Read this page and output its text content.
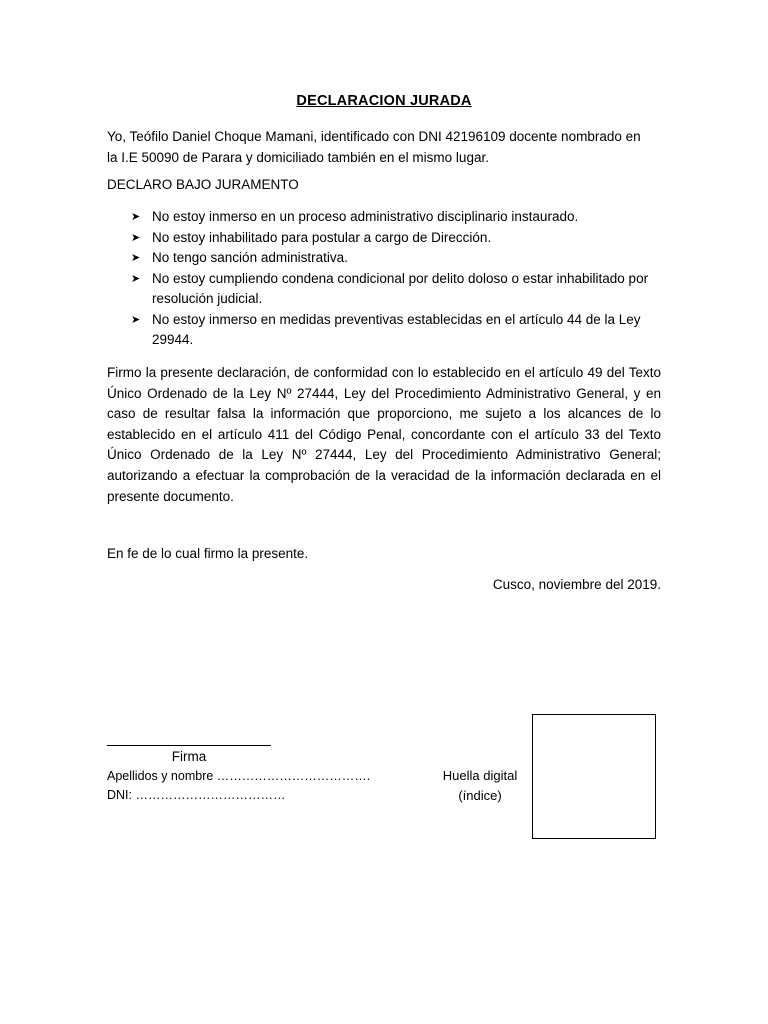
DECLARACION JURADA
Yo, Teófilo Daniel Choque Mamani, identificado con DNI 42196109 docente nombrado en
la I.E 50090 de Parara y domiciliado también en el mismo lugar.
DECLARO BAJO JURAMENTO
➤ No estoy inmerso en un proceso administrativo disciplinario instaurado.
➤ No estoy inhabilitado para postular a cargo de Dirección.
➤ No tengo sanción administrativa.
➤ No estoy cumpliendo condena condicional por delito doloso o estar inhabilitado por resolución judicial.
➤ No estoy inmerso en medidas preventivas establecidas en el artículo 44 de la Ley 29944.
Firmo la presente declaración, de conformidad con lo establecido en el artículo 49 del Texto Único Ordenado de la Ley Nº 27444, Ley del Procedimiento Administrativo General, y en caso de resultar falsa la información que proporciono, me sujeto a los alcances de lo establecido en el artículo 411 del Código Penal, concordante con el artículo 33 del Texto Único Ordenado de la Ley Nº 27444, Ley del Procedimiento Administrativo General; autorizando a efectuar la comprobación de la veracidad de la información declarada en el presente documento.
En fe de lo cual firmo la presente.
Cusco, noviembre del 2019.
Firma
Apellidos y nombre ……………………………….
DNI: ………………………………
Huella digital
(índice)
